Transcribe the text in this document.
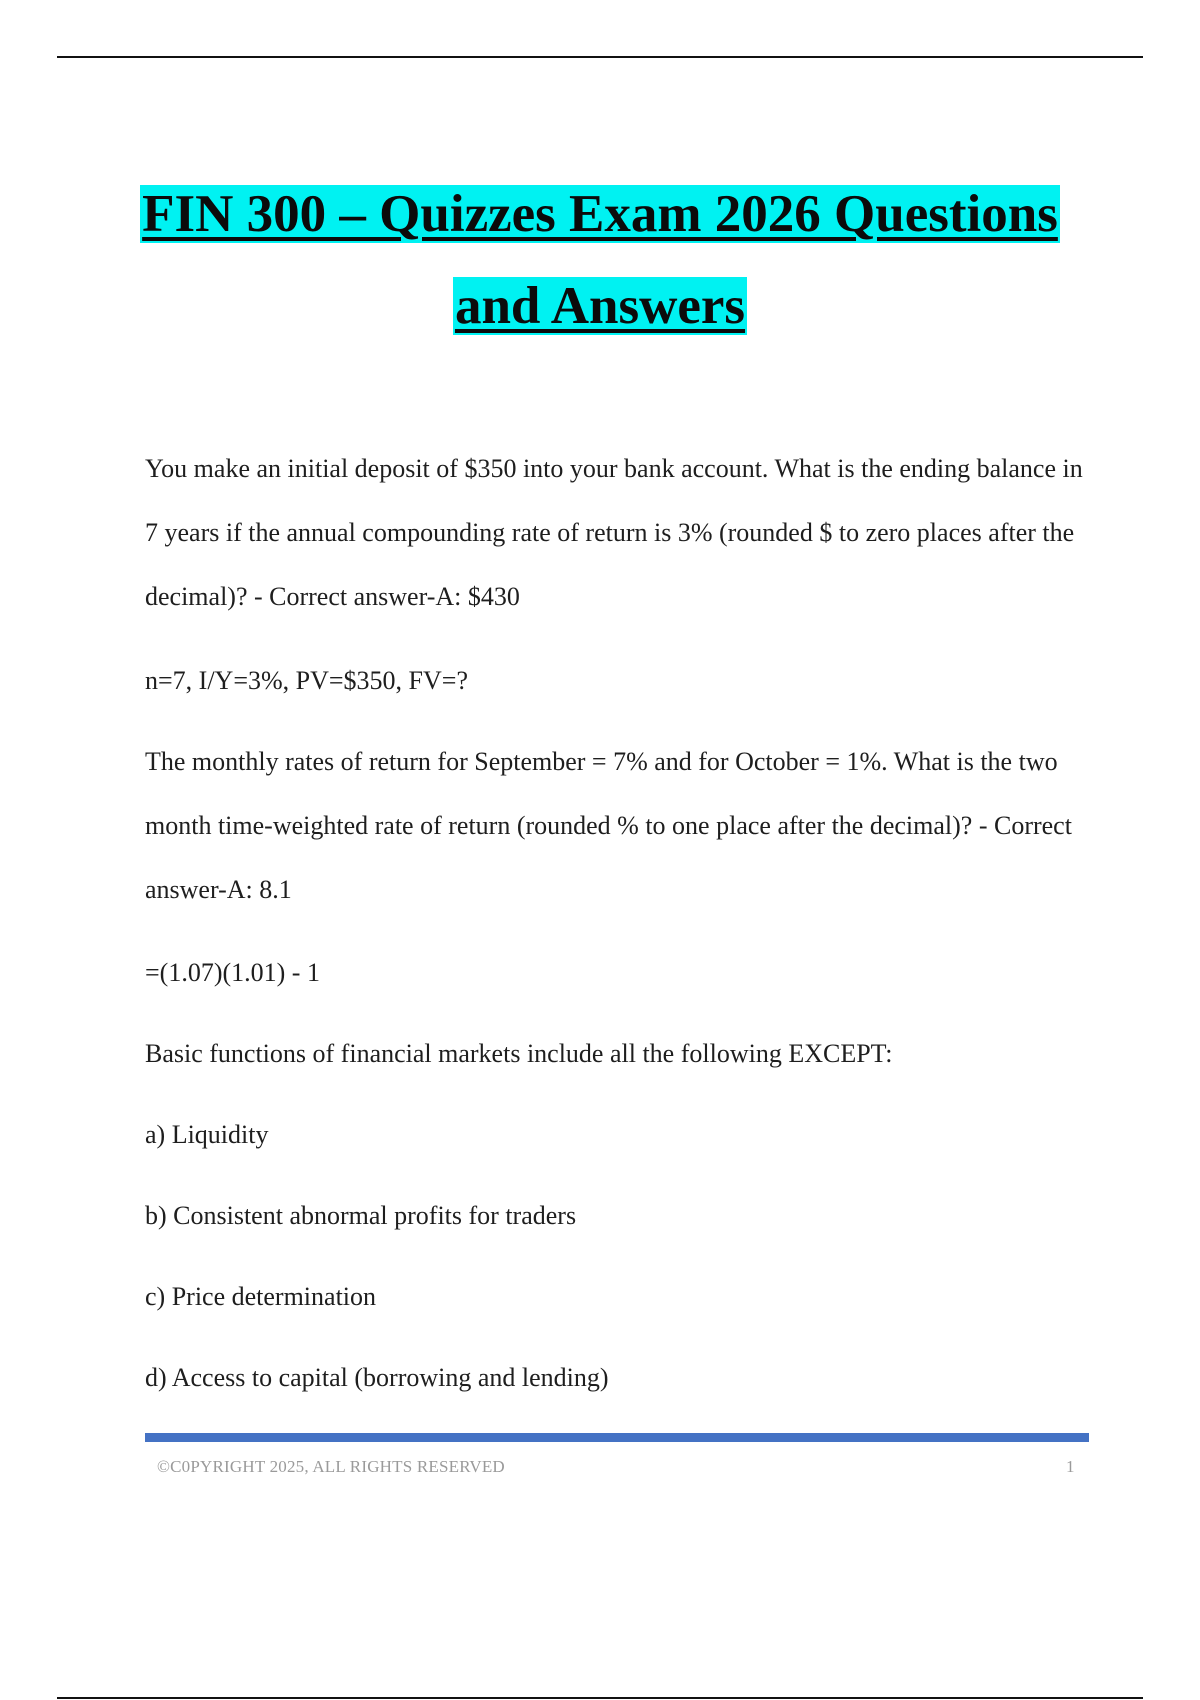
FIN 300 – Quizzes Exam 2026 Questions
and Answers

You make an initial deposit of $350 into your bank account. What is the ending balance in 7 years if the annual compounding rate of return is 3% (rounded $ to zero places after the decimal)? - Correct answer-A: $430

n=7, I/Y=3%, PV=$350, FV=?

The monthly rates of return for September = 7% and for October = 1%. What is the two month time-weighted rate of return (rounded % to one place after the decimal)? - Correct answer-A: 8.1

=(1.07)(1.01) - 1

Basic functions of financial markets include all the following EXCEPT:

a) Liquidity

b) Consistent abnormal profits for traders

c) Price determination

d) Access to capital (borrowing and lending)

©C0PYRIGHT 2025, ALL RIGHTS RESERVED	1
